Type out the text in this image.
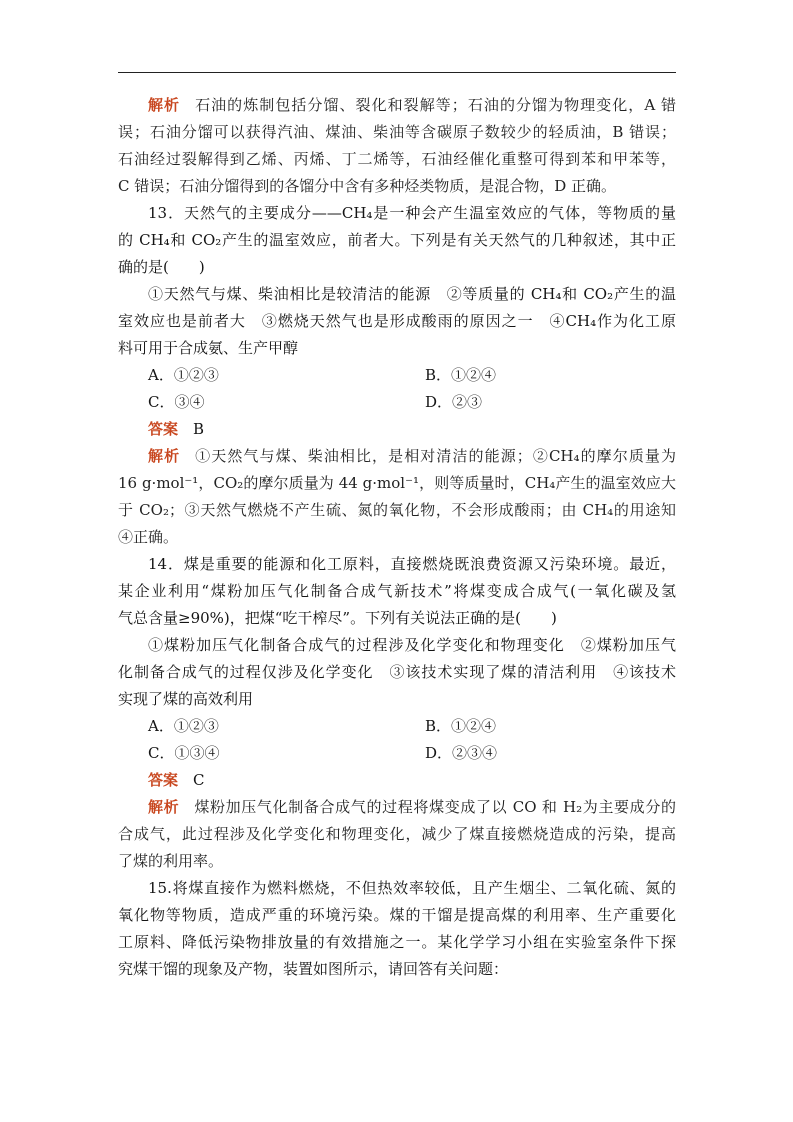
解析 石油的炼制包括分馏、裂化和裂解等；石油的分馏为物理变化，A 错
误；石油分馏可以获得汽油、煤油、柴油等含碳原子数较少的轻质油，B 错误；
石油经过裂解得到乙烯、丙烯、丁二烯等，石油经催化重整可得到苯和甲苯等，
C 错误；石油分馏得到的各馏分中含有多种烃类物质，是混合物，D 正确。
13．天然气的主要成分——CH₄是一种会产生温室效应的气体，等物质的量
的 CH₄和 CO₂产生的温室效应，前者大。下列是有关天然气的几种叙述，其中正
确的是(　　)
①天然气与煤、柴油相比是较清洁的能源　②等质量的 CH₄和 CO₂产生的温
室效应也是前者大　③燃烧天然气也是形成酸雨的原因之一　④CH₄作为化工原
料可用于合成氨、生产甲醇
A．①②③	B．①②④
C．③④	D．②③
答案 B
解析 ①天然气与煤、柴油相比，是相对清洁的能源；②CH₄的摩尔质量为
16 g·mol⁻¹，CO₂的摩尔质量为 44 g·mol⁻¹，则等质量时，CH₄产生的温室效应大
于 CO₂；③天然气燃烧不产生硫、氮的氧化物，不会形成酸雨；由 CH₄的用途知
④正确。
14．煤是重要的能源和化工原料，直接燃烧既浪费资源又污染环境。最近，
某企业利用“煤粉加压气化制备合成气新技术”将煤变成合成气(一氧化碳及氢
气总含量≥90%)，把煤“吃干榨尽”。下列有关说法正确的是(　　)
①煤粉加压气化制备合成气的过程涉及化学变化和物理变化　②煤粉加压气
化制备合成气的过程仅涉及化学变化　③该技术实现了煤的清洁利用　④该技术
实现了煤的高效利用
A．①②③	B．①②④
C．①③④	D．②③④
答案 C
解析 煤粉加压气化制备合成气的过程将煤变成了以 CO 和 H₂为主要成分的
合成气，此过程涉及化学变化和物理变化，减少了煤直接燃烧造成的污染，提高
了煤的利用率。
15.将煤直接作为燃料燃烧，不但热效率较低，且产生烟尘、二氧化硫、氮的
氧化物等物质，造成严重的环境污染。煤的干馏是提高煤的利用率、生产重要化
工原料、降低污染物排放量的有效措施之一。某化学学习小组在实验室条件下探
究煤干馏的现象及产物，装置如图所示，请回答有关问题：
